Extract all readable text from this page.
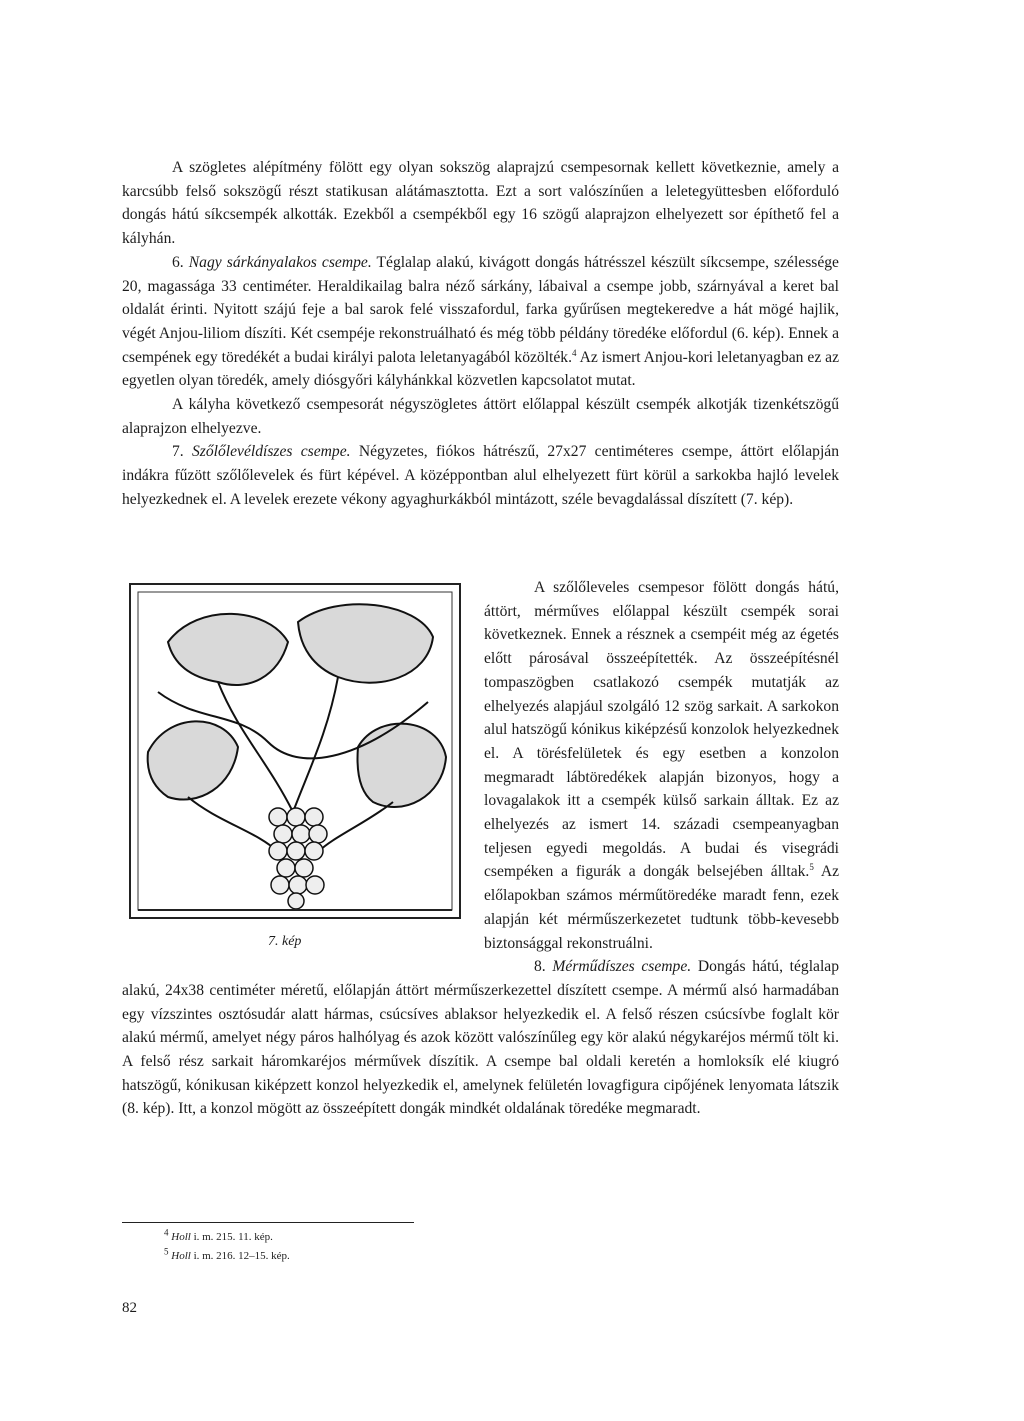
A szögletes alépítmény fölött egy olyan sokszög alaprajzú csempesornak kellett következnie, amely a karcsúbb felső sokszögű részt statikusan alátámasztotta. Ezt a sort valószínűen a leletegyüttesben előforduló dongás hátú síkcsempék alkották. Ezekből a csempékből egy 16 szögű alaprajzon elhelyezett sor építhető fel a kályhán.

6. Nagy sárkányalakos csempe. Téglalap alakú, kivágott dongás hátrésszel készült síkcsempe, szélessége 20, magassága 33 centiméter. Heraldikailag balra néző sárkány, lábaival a csempe jobb, szárnyával a keret bal oldalát érinti. Nyitott szájú feje a bal sarok felé visszafordul, farka gyűrűsen megtekeredve a hát mögé hajlik, végét Anjou-liliom díszíti. Két csempéje rekonstruálható és még több példány töredéke előfordul (6. kép). Ennek a csempének egy töredékét a budai királyi palota leletanyagából közölték.$^4$ Az ismert Anjou-kori leletanyagban ez az egyetlen olyan töredék, amely diósgyőri kályhánkkal közvetlen kapcsolatot mutat.

A kályha következő csempesorát négyszögletes áttört előlappal készült csempék alkotják tizenkétszögű alaprajzon elhelyezve.

7. Szőlőlevéldíszes csempe. Négyzetes, fiókos hátrészű, 27x27 centiméteres csempe, áttört előlapján indákra fűzött szőlőlevelek és fürt képével. A középpontban alul elhelyezett fürt körül a sarkokba hajló levelek helyezkednek el. A levelek erezete vékony agyaghurkákból mintázott, széle bevagdalással díszített (7. kép).

7. kép

A szőlőleveles csempesor fölött dongás hátú, áttört, mérműves előlappal készült csempék sorai következnek. Ennek a résznek a csempéit még az égetés előtt párosával összeépítették. Az összeépítésnél tompaszögben csatlakozó csempék mutatják az elhelyezés alapjául szolgáló 12 szög sarkait. A sarkokon alul hatszögű kónikus kiképzésű konzolok helyezkednek el. A törésfelületek és egy esetben a konzolon megmaradt lábtöredékek alapján bizonyos, hogy a lovagalakok itt a csempék külső sarkain álltak. Ez az elhelyezés az ismert 14. századi csempeanyagban teljesen egyedi megoldás. A budai és visegrádi csempéken a figurák a dongák belsejében álltak.$^5$ Az előlapokban számos mérműtöredéke maradt fenn, ezek alapján két mérműszerkezetet tudtunk több-kevesebb biztonsággal rekonstruálni.

8. Mérműdíszes csempe. Dongás hátú, téglalap alakú, 24x38 centiméter méretű, előlapján áttört mérműszerkezettel díszített csempe. A mérmű alsó harmadában egy vízszintes osztósudár alatt hármas, csúcsíves ablaksor helyezkedik el. A felső részen csúcsívbe foglalt kör alakú mérmű, amelyet négy páros halhólyag és azok között valószínűleg egy kör alakú négykaréjos mérmű tölt ki. A felső rész sarkait háromkaréjos mérművek díszítik. A csempe bal oldali keretén a homloksík elé kiugró hatszögű, kónikusan kiképzett konzol helyezkedik el, amelynek felületén lovagfigura cipőjének lenyomata látszik (8. kép). Itt, a konzol mögött az összeépített dongák mindkét oldalának töredéke megmaradt.

$^4$ Holl i. m. 215. 11. kép.
$^5$ Holl i. m. 216. 12–15. kép.
82
